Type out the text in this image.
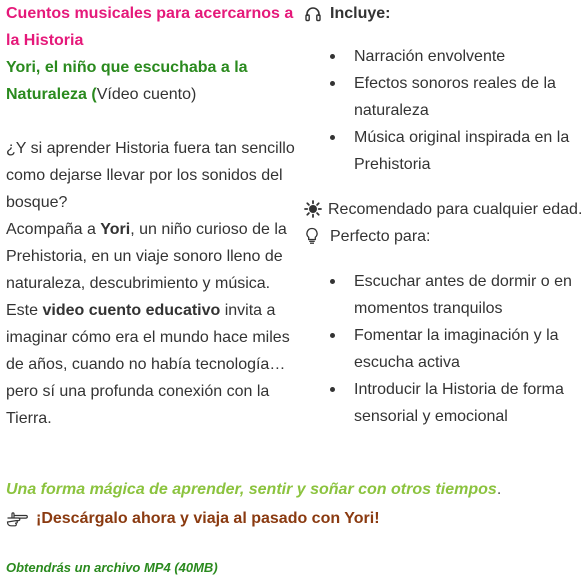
Cuentos musicales para acercarnos a la Historia
Yori, el niño que escuchaba a la Naturaleza (Vídeo cuento)

¿Y si aprender Historia fuera tan sencillo como dejarse llevar por los sonidos del bosque?

Acompaña a Yori, un niño curioso de la Prehistoria, en un viaje sonoro lleno de naturaleza, descubrimiento y música. Este video cuento educativo invita a imaginar cómo era el mundo hace miles de años, cuando no había tecnología… pero sí una profunda conexión con la Tierra.

Incluye:
Narración envolvente
Efectos sonoros reales de la naturaleza
Música original inspirada en la Prehistoria
Recomendado para cualquier edad.
Perfecto para:
Escuchar antes de dormir o en momentos tranquilos
Fomentar la imaginación y la escucha activa
Introducir la Historia de forma sensorial y emocional
Una forma mágica de aprender, sentir y soñar con otros tiempos.
¡Descárgalo ahora y viaja al pasado con Yori!
Obtendrás un archivo MP4 (40MB)
